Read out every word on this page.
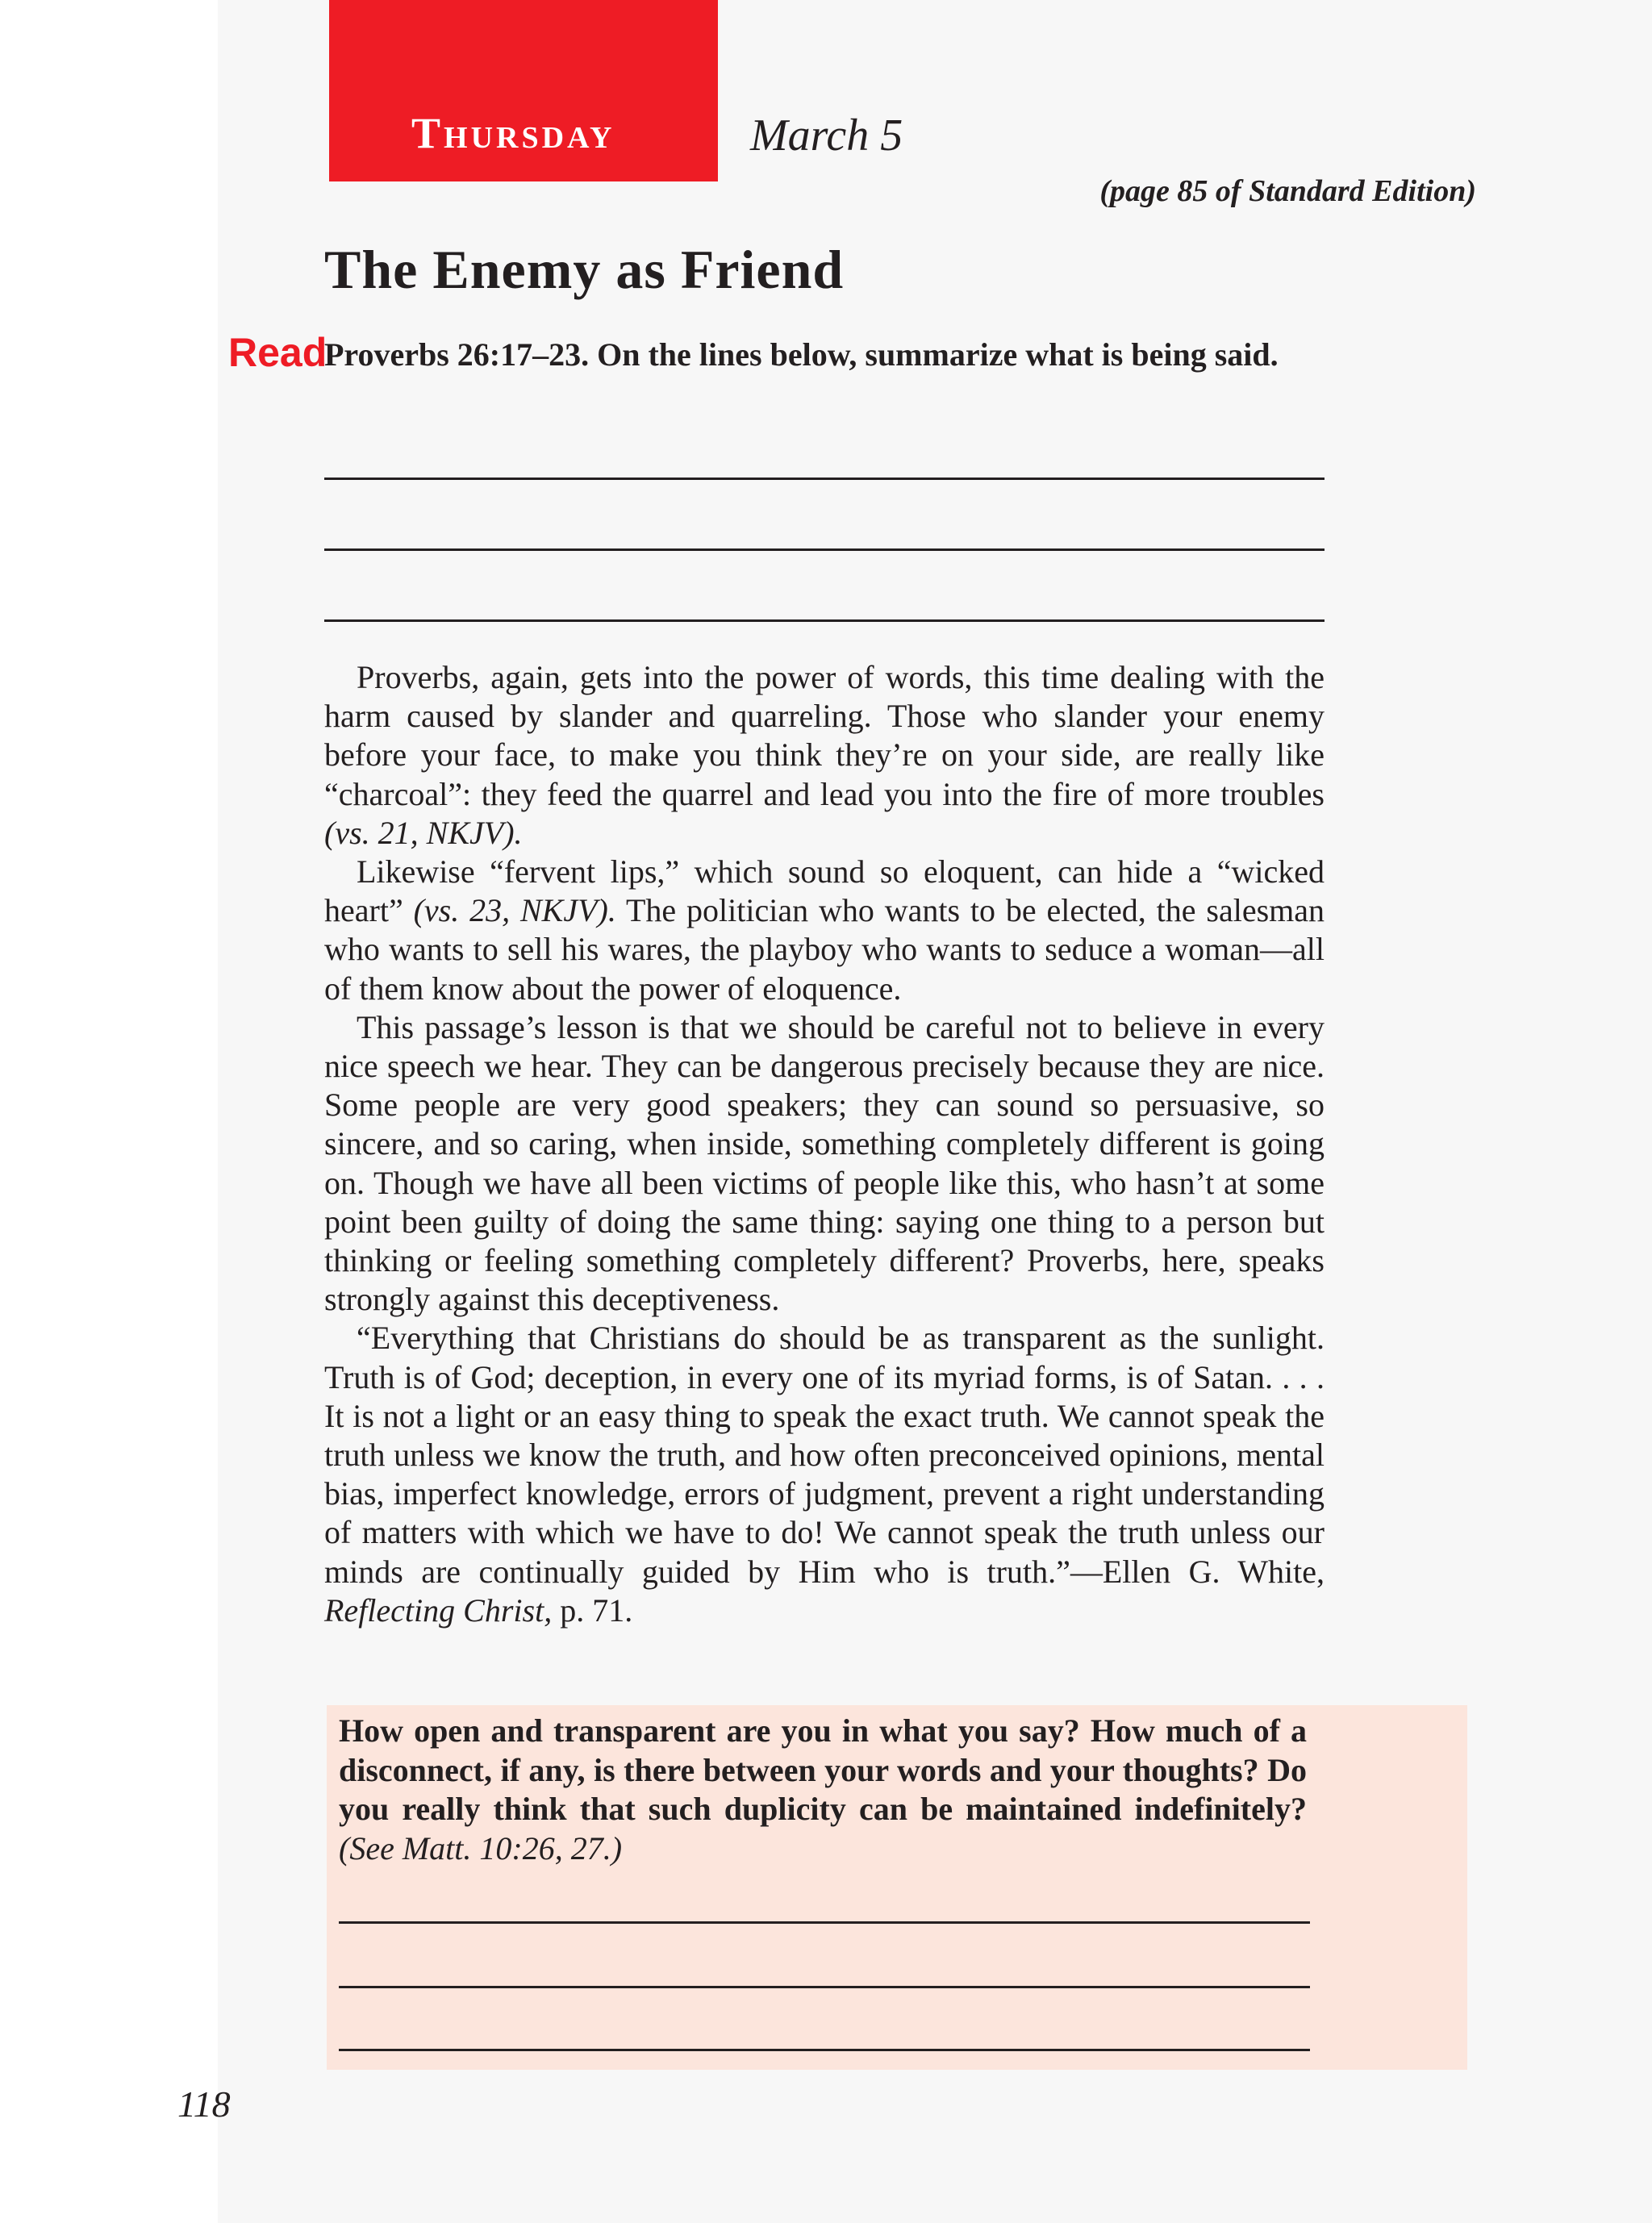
Thursday	March 5
(page 85 of Standard Edition)
The Enemy as Friend
Read
Proverbs 26:17–23. On the lines below, summarize what is being said.

Proverbs, again, gets into the power of words, this time dealing with the harm caused by slander and quarreling. Those who slander your enemy before your face, to make you think they’re on your side, are really like “charcoal”: they feed the quarrel and lead you into the fire of more troubles (vs. 21, NKJV).

Likewise “fervent lips,” which sound so eloquent, can hide a “wicked heart” (vs. 23, NKJV). The politician who wants to be elected, the salesman who wants to sell his wares, the playboy who wants to seduce a woman—all of them know about the power of eloquence.

This passage’s lesson is that we should be careful not to believe in every nice speech we hear. They can be dangerous precisely because they are nice. Some people are very good speakers; they can sound so persuasive, so sincere, and so caring, when inside, something completely different is going on. Though we have all been victims of people like this, who hasn’t at some point been guilty of doing the same thing: saying one thing to a person but thinking or feeling something completely different? Proverbs, here, speaks strongly against this deceptiveness.

“Everything that Christians do should be as transparent as the sunlight. Truth is of God; deception, in every one of its myriad forms, is of Satan. . . . It is not a light or an easy thing to speak the exact truth. We cannot speak the truth unless we know the truth, and how often preconceived opinions, mental bias, imperfect knowledge, errors of judgment, prevent a right understanding of matters with which we have to do! We cannot speak the truth unless our minds are continually guided by Him who is truth.”—Ellen G. White, Reflecting Christ, p. 71.

How open and transparent are you in what you say? How much of a disconnect, if any, is there between your words and your thoughts? Do you really think that such duplicity can be maintained indefinitely? (See Matt. 10:26, 27.)
118
